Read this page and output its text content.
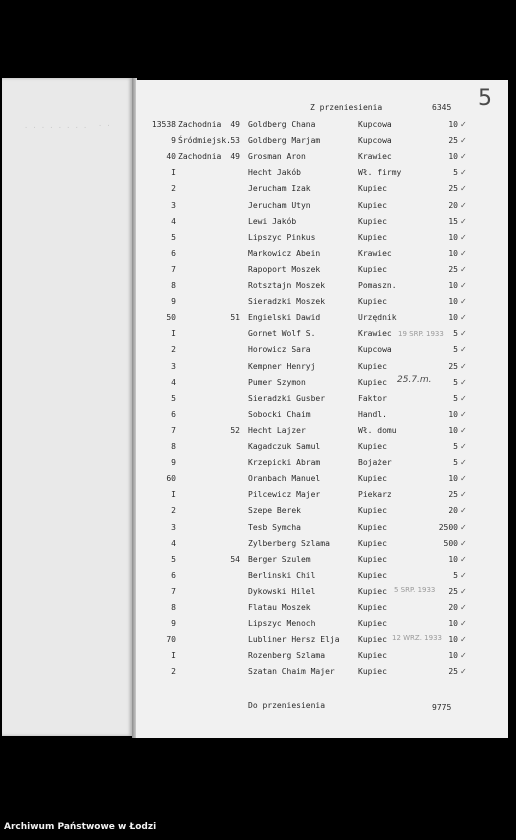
· · · · · · · · · ·
Z przeniesienia	6345 5
13538 Zachodnia	49 Goldberg Chana	Kupcowa	10 ✓
9 Śródmiejsk. 53 Goldberg Marjam	Kupcowa	25 ✓
40 Zachodnia	49 Grosman Aron	Krawiec	10 ✓
I	Hecht Jakób	Wł. firmy	5 ✓
2	Jerucham Izak	Kupiec	25 ✓
3	Jerucham Utyn	Kupiec	20 ✓
4	Lewi Jakób	Kupiec	15 ✓
5	Lipszyc Pinkus	Kupiec	10 ✓
6	Markowicz Abein	Krawiec	10 ✓
7	Rapoport Moszek	Kupiec	25 ✓
8	Rotsztajn Moszek	Pomaszn.	10 ✓
9	Sieradzki Moszek	Kupiec	10 ✓
50	51 Engielski Dawid	Urzędnik	10 ✓
I	Gornet Wolf S.	Krawiec	5 ✓
2	Horowicz Sara	Kupcowa	5 ✓
3	Kempner Henryj	Kupiec	25 ✓
4	Pumer Szymon	Kupiec	5 ✓
5	Sieradzki Gusber	Faktor	5 ✓
6	Sobocki Chaim	Handl.	10 ✓
7	52 Hecht Lajzer	Wł. domu	10 ✓
8	Kagadczuk Samul	Kupiec	5 ✓
9	Krzepicki Abram	Bojażer	5 ✓
60	Oranbach Manuel	Kupiec	10 ✓
I	Pilcewicz Majer	Piekarz	25 ✓
2	Szepe Berek	Kupiec	20 ✓
3	Tesb Symcha	Kupiec	2500 ✓
4	Zylberberg Szlama	Kupiec	500 ✓
5	54 Berger Szulem	Kupiec	10 ✓
6	Berlinski Chil	Kupiec	5 ✓
7	Dykowski Hilel	Kupiec	25 ✓
8	Flatau Moszek	Kupiec	20 ✓
9	Lipszyc Menoch	Kupiec	10 ✓
70	Lubliner Hersz Elja Kupiec	10 ✓
I	Rozenberg Szlama	Kupiec	10 ✓
2	Szatan Chaim Majer	Kupiec	25 ✓
25.7.m.
19 SRP. 1933
5 SRP. 1933
12 WRZ. 1933
Do przeniesienia	9775
Archiwum Państwowe w Łodzi
